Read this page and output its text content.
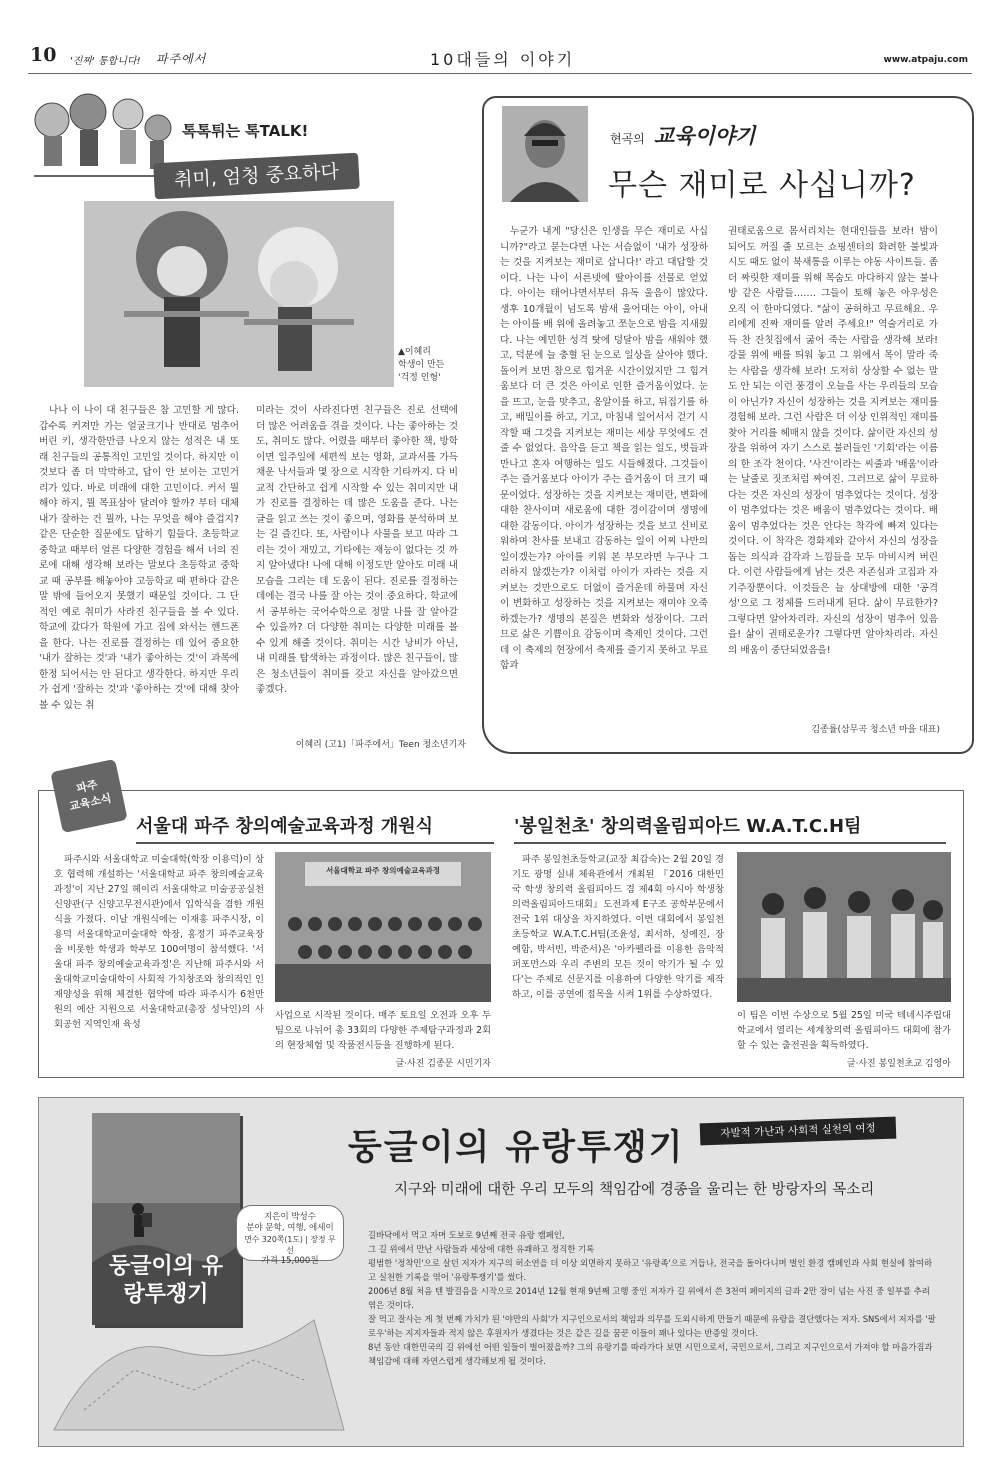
10 '진짜' 통합니다! 파주에서	10대들의 이야기	www.atpaju.com
톡톡튀는 톡TALK!
취미, 엄청 중요하다
▲이혜리
학생이 만든
'걱정 인형'

나나 이 나이 대 친구들은 참 고민할 게 많다. 갑수록 커져만 가는 얼굴크기나 반대로 멈추어버린 키, 생각한만큼 나오지 않는 성적은 내 또래 친구들의 공통적인 고민일 것이다. 하지만 이것보다 좀 더 막막하고, 답이 안 보이는 고민거리가 있다. 바로 미래에 대한 고민이다. 커서 뭘 해야 하지, 뭘 목표삼아 달려야 할까? 부터 대체 내가 잘하는 건 뭘까, 나는 무엇을 해야 즐겁지? 같은 단순한 질문에도 답하기 힘들다. 초등학교 중학교 때부터 얼른 다양한 경험을 해서 너의 진로에 대해 생각해 보라는 말보다 초등학교 중학교 때 공부를 해놓아야 고등학교 때 편하다 같은 말 밖에 들어오지 못했기 때문일 것이다. 그 단적인 예로 취미가 사라진 친구들을 볼 수 있다. 학교에 갔다가 학원에 가고 집에 와서는 핸드폰을 한다. 나는 진로를 결정하는 데 있어 중요한 '내가 잘하는 것'과 '내가 좋아하는 것'이 과목에 한정 되어서는 안 된다고 생각한다. 하지만 우리가 쉽게 '잘하는 것'과 '좋아하는 것'에 대해 찾아볼 수 있는 취

미라는 것이 사라진다면 친구들은 진로 선택에 더 많은 어려움을 겪을 것이다. 나는 좋아하는 것도, 취미도 많다. 어렸을 때부터 좋아한 책, 방학이면 일주일에 세편씩 보는 영화, 교과서를 가득채운 낙서들과 몇 장으로 시작한 기타까지. 다 비교적 간단하고 쉽게 시작할 수 있는 취미지만 내가 진로를 결정하는 데 많은 도움을 준다. 나는 글을 읽고 쓰는 것이 좋으며, 영화를 분석하며 보는 걸 즐긴다. 또, 사람이나 사물을 보고 따라 그리는 것이 재밌고, 기타에는 재능이 없다는 것 까지 알아냈다! 나에 대해 이정도만 알아도 미래 내 모습을 그리는 데 도움이 된다. 진로를 결정하는 데에는 결국 나를 잘 아는 것이 중요하다. 학교에서 공부하는 국어수학으로 정말 나를 잘 알아갈 수 있을까? 더 다양한 취미는 다양한 미래를 볼 수 있게 해줄 것이다. 취미는 시간 낭비가 아닌, 내 미래를 탐색하는 과정이다. 많은 친구들이, 많은 청소년들이 취미를 갖고 자신을 알아갔으면 좋겠다.

이혜리 (고1)「파주에서」Teen 청소년기자
현곡의 교육이야기
무슨 재미로 사십니까?

누군가 내게 "당신은 인생을 무슨 재미로 사십니까?"라고 묻는다면 나는 서슴없이 '내가 성장하는 것을 지켜보는 재미로 삽니다!' 라고 대답할 것이다. 나는 나이 서른넷에 딸아이를 선물로 얻었다. 아이는 태어나면서부터 유독 울음이 많았다. 생후 10개월이 넘도록 밤새 울어대는 아이, 아내는 아이를 배 위에 올려놓고 쪼눈으로 밤을 지새웠다. 나는 예민한 성격 탓에 덩달아 밤을 새워야 했고, 덕분에 늘 충혈 된 눈으로 일상을 살아야 했다. 돌이켜 보면 참으로 힘겨운 시간이었지만 그 힘겨움보다 더 큰 것은 아이로 인한 즐거움이었다. 눈을 뜨고, 눈을 맞추고, 옹알이를 하고, 뒤집기를 하고, 배밀이를 하고, 기고, 마침내 일어서서 걷기 시작할 때 그것을 지켜보는 재미는 세상 무엇에도 견줄 수 없었다. 음악을 듣고 책을 읽는 일도, 벗들과 만나고 혼자 여행하는 일도 시들해졌다. 그것들이 주는 즐거움보다 아이가 주는 즐거움이 더 크기 때문이었다. 성장하는 것을 지켜보는 재미란, 변화에 대한 찬사이며 새로움에 대한 경이감이며 생명에 대한 감동이다. 아이가 성장하는 것을 보고 신비로워하며 찬사를 보내고 감동하는 일이 어찌 나만의 일이겠는가? 아이를 키워 본 부모라면 누구나 그러하지 않겠는가? 이처럼 아이가 자라는 것을 지켜보는 것만으로도 더없이 즐거운데 하물며 자신이 변화하고 성장하는 것을 지켜보는 재미야 오죽하겠는가? 생명의 본질은 변화와 성장이다. 그러므로 삶은 기쁨이요 감동이며 축제인 것이다. 그런데 이 축제의 현장에서 축제를 즐기지 못하고 무료함과

권태로움으로 몸서리치는 현대인들을 보라! 밤이 되어도 꺼질 줄 모르는 쇼핑센터의 화려한 불빛과 시도 때도 없이 북새통을 이루는 야동 사이트들. 좀 더 짜릿한 재미를 위해 목숨도 마다하지 않는 불나방 같은 사람들……. 그들이 토해 놓은 아우성은 오직 이 한마디였다. "삶이 공허하고 무료해요. 우리에게 진짜 재미를 알려 주세요!" 역술거리로 가득 찬 잔칫집에서 굶어 죽는 사람을 생각해 보라! 강물 위에 배를 띄워 놓고 그 위에서 목이 말라 죽는 사람을 생각해 보라! 도저히 상상할 수 없는 말도 안 되는 이런 풍경이 오늘을 사는 우리들의 모습이 아닌가? 자신이 성장하는 것을 지켜보는 재미를 경험해 보라. 그런 사람은 더 이상 인위적인 재미를 찾아 거리를 헤매지 않을 것이다. 삶이란 자신의 성장을 위하여 자기 스스로 불러들인 '기회'라는 이름의 한 조각 천이다. '사건'이라는 씨줄과 '배움'이라는 날줄로 짓조처럼 짜여진. 그러므로 삶이 무료하다는 것은 자신의 성장이 멈추었다는 것이다. 성장이 멈추었다는 것은 배움이 멈추었다는 것이다. 배움이 멈추었다는 것은 안다는 착각에 빠져 있다는 것이다. 이 착각은 경화제와 같아서 자신의 성장을 돕는 의식과 감각과 느낌들을 모두 마비시켜 버린다. 이런 사람들에게 남는 것은 자존심과 고집과 자기주장뿐이다. 이것들은 늘 상대방에 대한 '공격성'으로 그 정체를 드러내게 된다. 삶이 무료한가? 그렇다면 알아차리라. 자신의 성장이 멈추어 있음을! 삶이 권태로운가? 그렇다면 알아차리라. 자신의 배움이 중단되었음을!

김종률(삼무곡 청소년 마을 대표)
파주
교육소식
서울대 파주 창의예술교육과정 개원식

파주시와 서울대학교 미술대학(학장 이용덕)이 상호 협력해 개설하는 '서울대학교 파주 창의예술교육과정'이 지난 27일 헤이리 서울대학교 미술공공실천 신양관(구 신양고무전시관)에서 입학식을 겸한 개원식을 가졌다. 이날 개원식에는 이재홍 파주시장, 이용덕 서울대학교미술대학 학장, 홍정기 파주교육장을 비롯한 학생과 학부모 100여명이 참석했다. '서울대 파주 창의예술교육과정'은 지난해 파주시와 서울대학교미술대학이 사회적 가치창조와 창의적인 인재양성을 위해 체결한 협약에 따라 파주시가 6천만원의 예산 지원으로 서울대학교(총장 성낙인)의 사회공헌 지역인재 육성

서울대학교 파주 창의예술교육과정

사업으로 시작된 것이다. 매주 토요일 오전과 오후 두 팀으로 나뉘어 총 33회의 다양한 주제탐구과정과 2회의 현장체험 및 작품전시등을 진행하게 된다.

글·사진 김종문 시민기자
'봉일천초' 창의력올림피아드 W.A.T.C.H팀

파주 봉일천초등학교(교장 최갑숙)는 2월 20일 경기도 광명 실내 체육관에서 개최된 『2016 대한민국 학생 창의력 올림피아드 겸 제4회 아시아 학생창의력올림피아드대회』도전과제 E구조 공학부문에서 전국 1위 대상을 차지하였다. 이번 대회에서 봉일천초등학교 W.A.T.C.H팀(조윤성, 최서하, 성예진, 장예함, 박서빈, 박준서)은 '아카펠라를 이용한 음악적 퍼포먼스와 우리 주변의 모든 것이 악기가 될 수 있다'는 주제로 신문지를 이용하여 다양한 악기를 제작하고, 이를 공연에 접목을 시켜 1위를 수상하였다.

이 팀은 이번 수상으로 5월 25일 미국 테네시주립대학교에서 열리는 세계창의력 올림피아드 대회에 참가할 수 있는 출전권을 획득하였다.

글·사진 봉일천초교 김영아
둥글이의 유랑투쟁기
지은이 박성수
분야 문학, 여행, 에세이
면수 320쪽(1도) | 장정 무선
가격 15,000원
둥글이의 유랑투쟁기	자발적 가난과 사회적 실천의 여정
지구와 미래에 대한 우리 모두의 책임감에 경종을 울리는 한 방랑자의 목소리
길바닥에서 먹고 자며 도보로 9년째 전국 유랑 캠페인,
그 길 위에서 만난 사람들과 세상에 대한 유쾌하고 정직한 기록
평범한 '정착민'으로 살던 저자가 지구의 허소연을 더 이상 외면하지 못하고 '유랑족'으로 거듭나, 전국을 돌아다니며 벌인 환경 캠페인과 사회 현실에 참여하고 실천한 기록을 엮어 '유랑투쟁기'를 썼다.
2006년 8월 처음 텐 발걸음을 시작으로 2014년 12월 현재 9년째 고행 중인 저자가 길 위에서 쓴 3천여 페이지의 글과 2만 장이 넘는 사진 중 일부를 추려 엮은 것이다.
잘 먹고 잘사는 게 첫 번째 가치가 된 '야만의 사회'가 지구인으로서의 책임과 의무를 도외시하게 만들기 때문에 유랑을 결단했다는 저자. SNS에서 저자를 '팔로우'하는 지지자들과 적지 않은 후원자가 생겼다는 것은 같은 길을 꿈꾼 이들이 꽤나 있다는 반증일 것이다.
8년 동안 대한민국의 길 위에선 어떤 일들이 벌어졌을까? 그의 유랑기를 따라가다 보면 시민으로서, 국민으로서, 그리고 지구인으로서 가져야 할 마음가짐과 책임감에 대해 자연스럽게 생각해보게 될 것이다.
